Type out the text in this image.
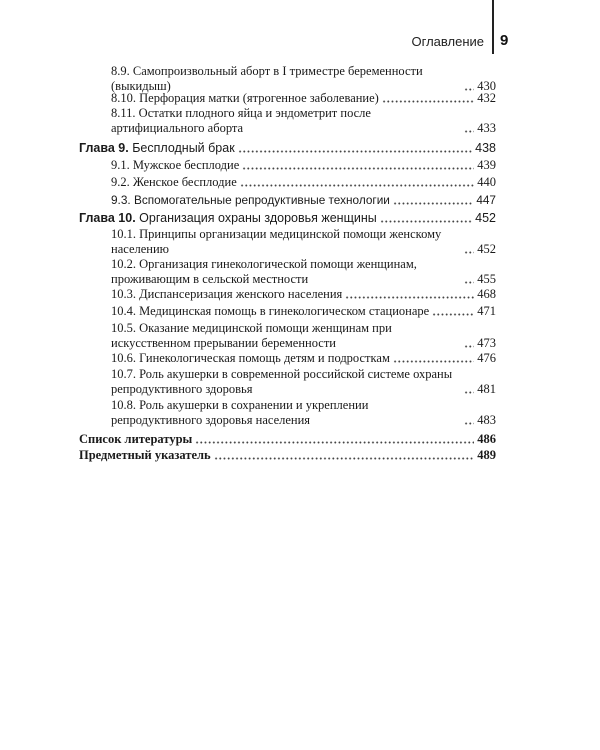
Оглавление 9
8.9. Самопроизвольный аборт в I триместре беременности (выкидыш)	430
8.10. Перфорация матки (ятрогенное заболевание)	432
8.11. Остатки плодного яйца и эндометрит после артифициального аборта	433
Глава 9. Бесплодный брак	438
9.1. Мужское бесплодие	439
9.2. Женское бесплодие	440
9.3. Вспомогательные репродуктивные технологии	447
Глава 10. Организация охраны здоровья женщины	452
10.1. Принципы организации медицинской помощи женскому населению	452
10.2. Организация гинекологической помощи женщинам, проживающим в сельской местности	455
10.3. Диспансеризация женского населения	468
10.4. Медицинская помощь в гинекологическом стационаре	471
10.5. Оказание медицинской помощи женщинам при искусственном прерывании беременности	473
10.6. Гинекологическая помощь детям и подросткам	476
10.7. Роль акушерки в современной российской системе охраны репродуктивного здоровья	481
10.8. Роль акушерки в сохранении и укреплении репродуктивного здоровья населения	483
Список литературы	486
Предметный указатель	489
